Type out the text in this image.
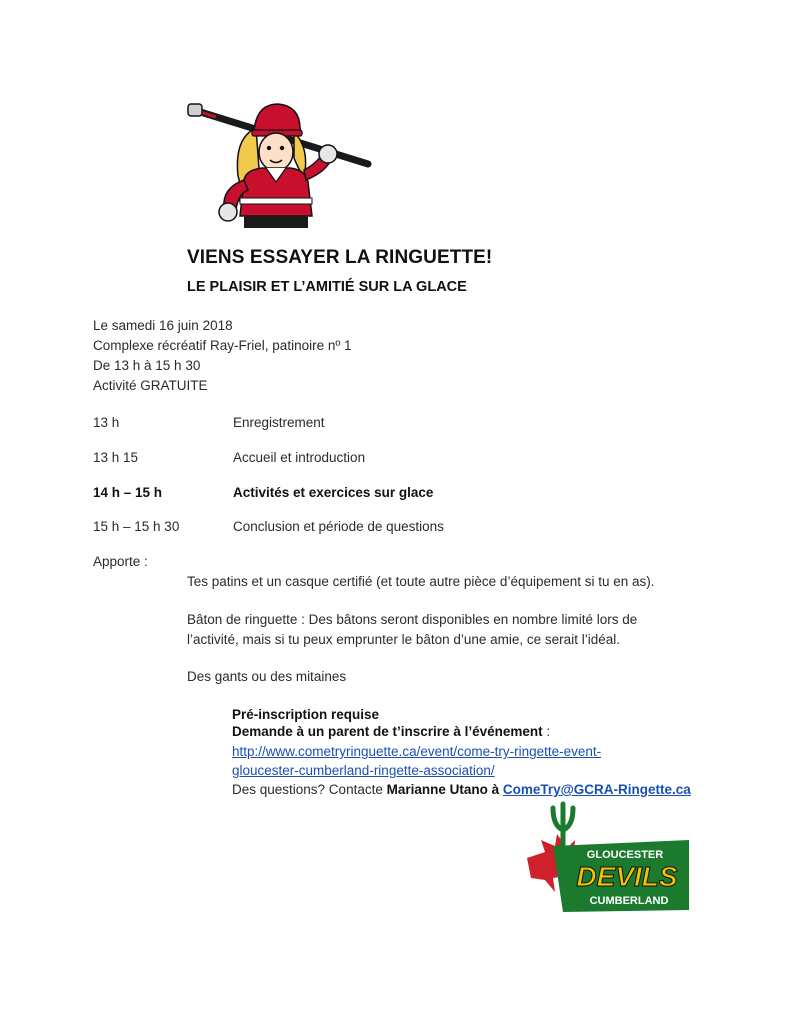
VIENS ESSAYER LA RINGUETTE!
LE PLAISIR ET L’AMITIÉ SUR LA GLACE
Le samedi 16 juin 2018
Complexe récréatif Ray-Friel, patinoire nº 1
De 13 h à 15 h 30
Activité GRATUITE
13 h	Enregistrement
13 h 15	Accueil et introduction
14 h – 15 h	Activités et exercices sur glace
15 h – 15 h 30	Conclusion et période de questions
Apporte :
Tes patins et un casque certifié (et toute autre pièce d’équipement si tu en as).
Bâton de ringuette : Des bâtons seront disponibles en nombre limité lors de
l’activité, mais si tu peux emprunter le bâton d’une amie, ce serait l’idéal.
Des gants ou des mitaines
Pré-inscription requise
Demande à un parent de t’inscrire à l’événement :
http://www.cometryringuette.ca/event/come-try-ringette-event-
gloucester-cumberland-ringette-association/
Des questions? Contacte Marianne Utano à ComeTry@GCRA-Ringette.ca
GLOUCESTER
DEVILS
CUMBERLAND
